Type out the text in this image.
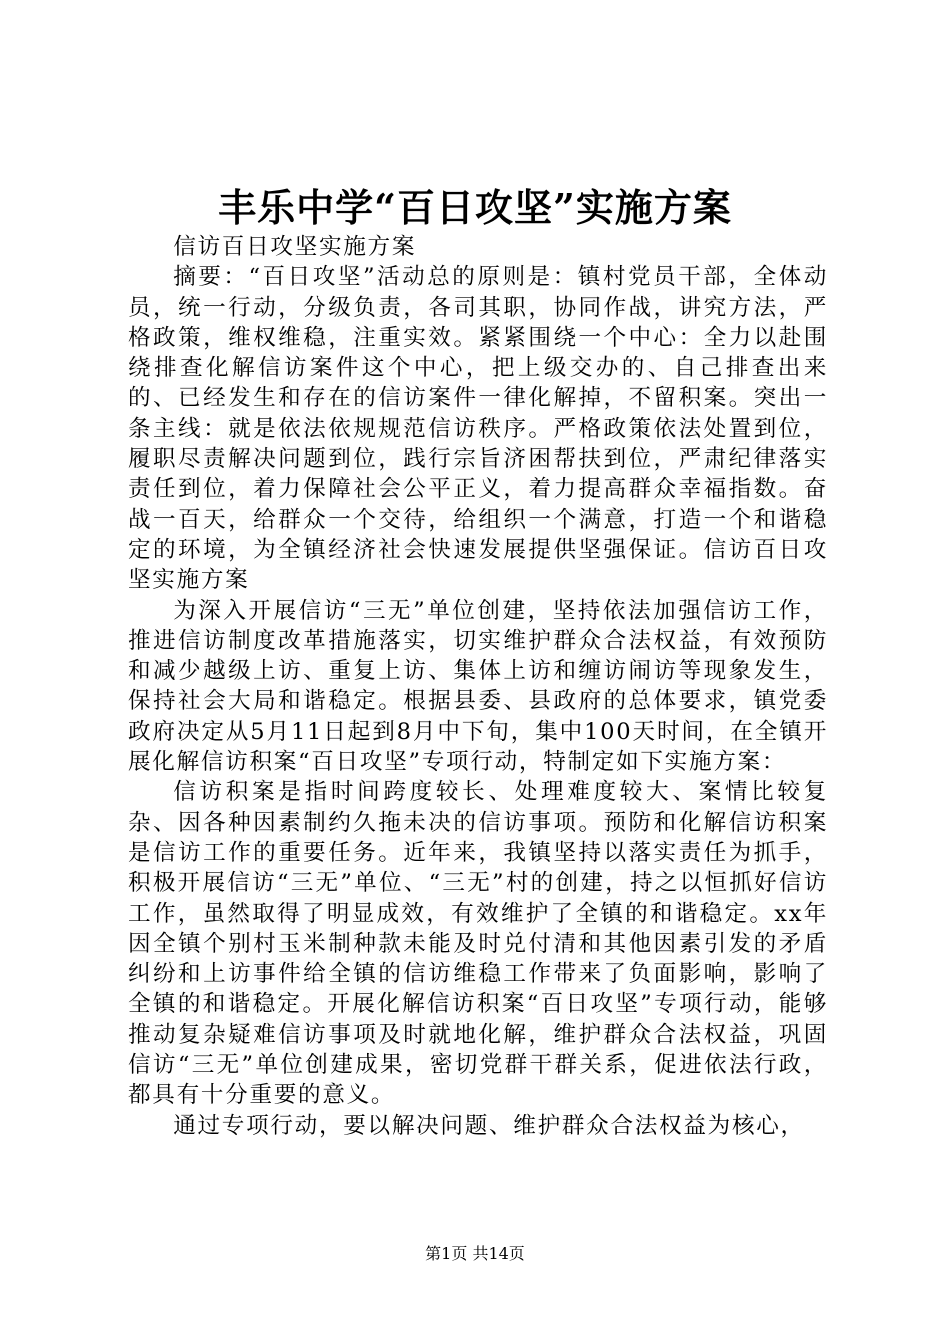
丰乐中学“百日攻坚”实施方案

信访百日攻坚实施方案

摘要：“百日攻坚”活动总的原则是：镇村党员干部，全体动员，统一行动，分级负责，各司其职，协同作战，讲究方法，严格政策，维权维稳，注重实效。紧紧围绕一个中心：全力以赴围绕排查化解信访案件这个中心，把上级交办的、自己排查出来的、已经发生和存在的信访案件一律化解掉，不留积案。突出一条主线：就是依法依规规范信访秩序。严格政策依法处置到位，履职尽责解决问题到位，践行宗旨济困帮扶到位，严肃纪律落实责任到位，着力保障社会公平正义，着力提高群众幸福指数。奋战一百天，给群众一个交待，给组织一个满意，打造一个和谐稳定的环境，为全镇经济社会快速发展提供坚强保证。信访百日攻坚实施方案

为深入开展信访“三无”单位创建，坚持依法加强信访工作，推进信访制度改革措施落实，切实维护群众合法权益，有效预防和减少越级上访、重复上访、集体上访和缠访闹访等现象发生，保持社会大局和谐稳定。根据县委、县政府的总体要求，镇党委政府决定从5月11日起到8月中下旬，集中100天时间，在全镇开展化解信访积案“百日攻坚”专项行动，特制定如下实施方案：

信访积案是指时间跨度较长、处理难度较大、案情比较复杂、因各种因素制约久拖未决的信访事项。预防和化解信访积案是信访工作的重要任务。近年来，我镇坚持以落实责任为抓手，积极开展信访“三无”单位、“三无”村的创建，持之以恒抓好信访工作，虽然取得了明显成效，有效维护了全镇的和谐稳定。xx年因全镇个别村玉米制种款未能及时兑付清和其他因素引发的矛盾纠纷和上访事件给全镇的信访维稳工作带来了负面影响，影响了全镇的和谐稳定。开展化解信访积案“百日攻坚”专项行动，能够推动复杂疑难信访事项及时就地化解，维护群众合法权益，巩固信访“三无”单位创建成果，密切党群干群关系，促进依法行政，都具有十分重要的意义。

通过专项行动，要以解决问题、维护群众合法权益为核心，

第1页 共14页
